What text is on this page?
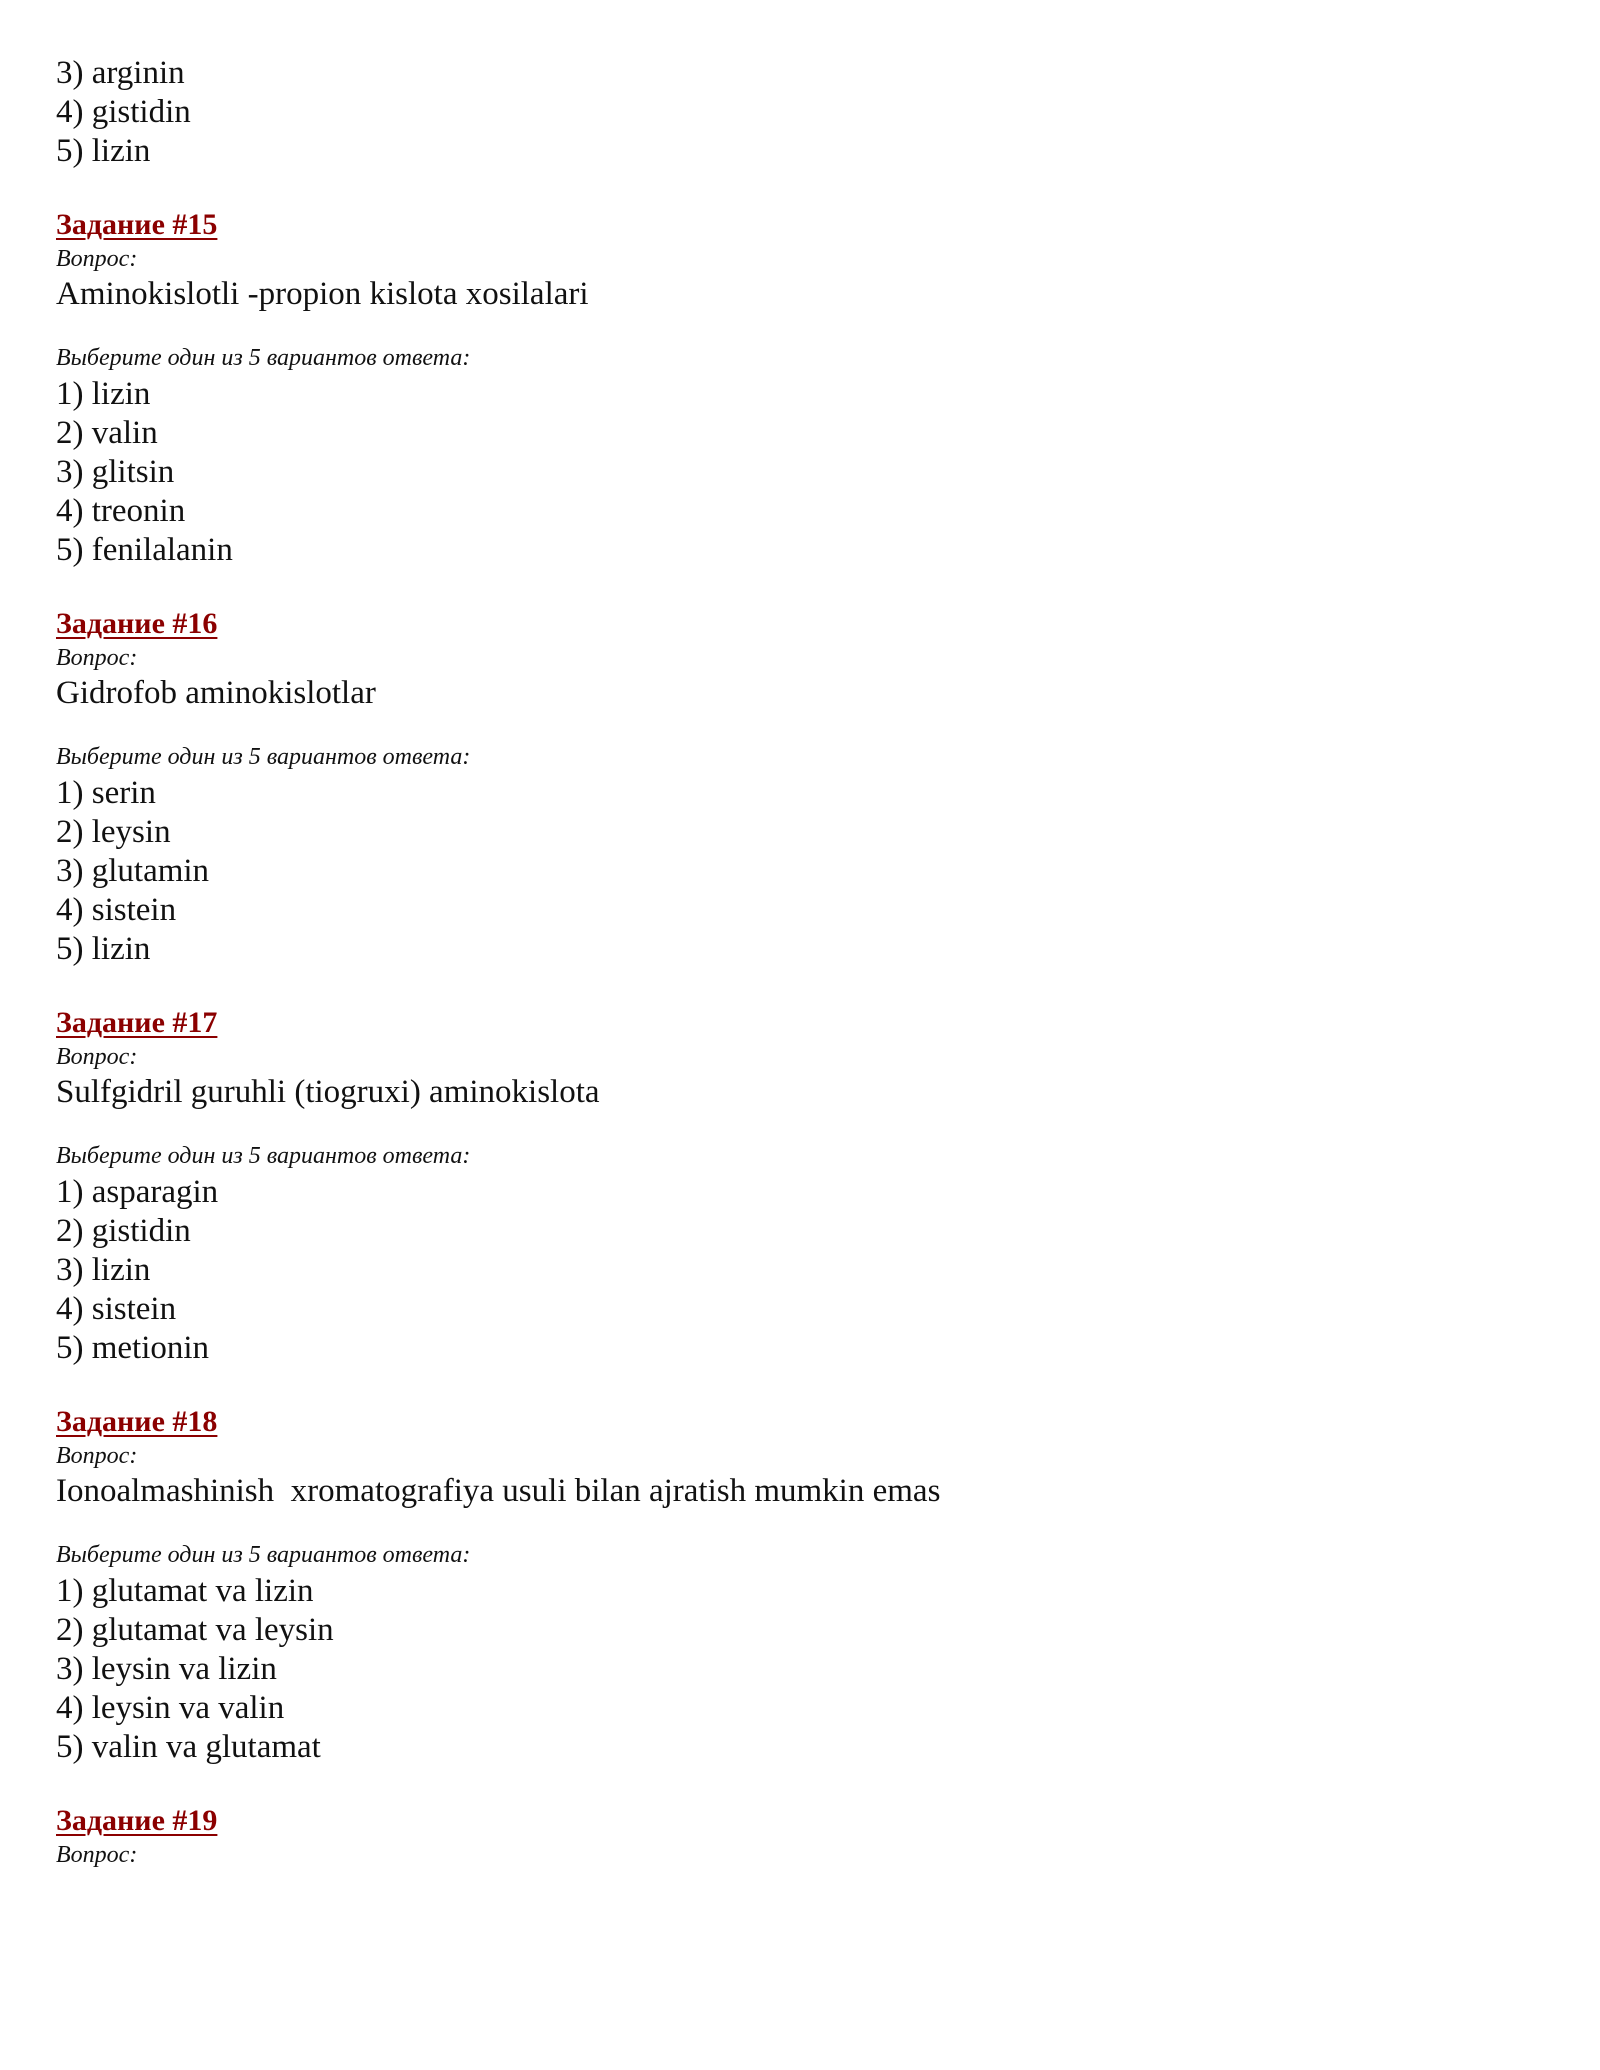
3) arginin
4) gistidin
5) lizin
Задание #15
Вопрос:
Aminokislotli -propion kislota xosilalari
Выберите один из 5 вариантов ответа:
1) lizin
2) valin
3) glitsin
4) treonin
5) fenilalanin
Задание #16
Вопрос:
Gidrofob aminokislotlar
Выберите один из 5 вариантов ответа:
1) serin
2) leysin
3) glutamin
4) sistein
5) lizin
Задание #17
Вопрос:
Sulfgidril guruhli (tiogruxi) aminokislota
Выберите один из 5 вариантов ответа:
1) asparagin
2) gistidin
3) lizin
4) sistein
5) metionin
Задание #18
Вопрос:
Ionoalmashinish  xromatografiya usuli bilan ajratish mumkin emas
Выберите один из 5 вариантов ответа:
1) glutamat va lizin
2) glutamat va leysin
3) leysin va lizin
4) leysin va valin
5) valin va glutamat
Задание #19
Вопрос:
